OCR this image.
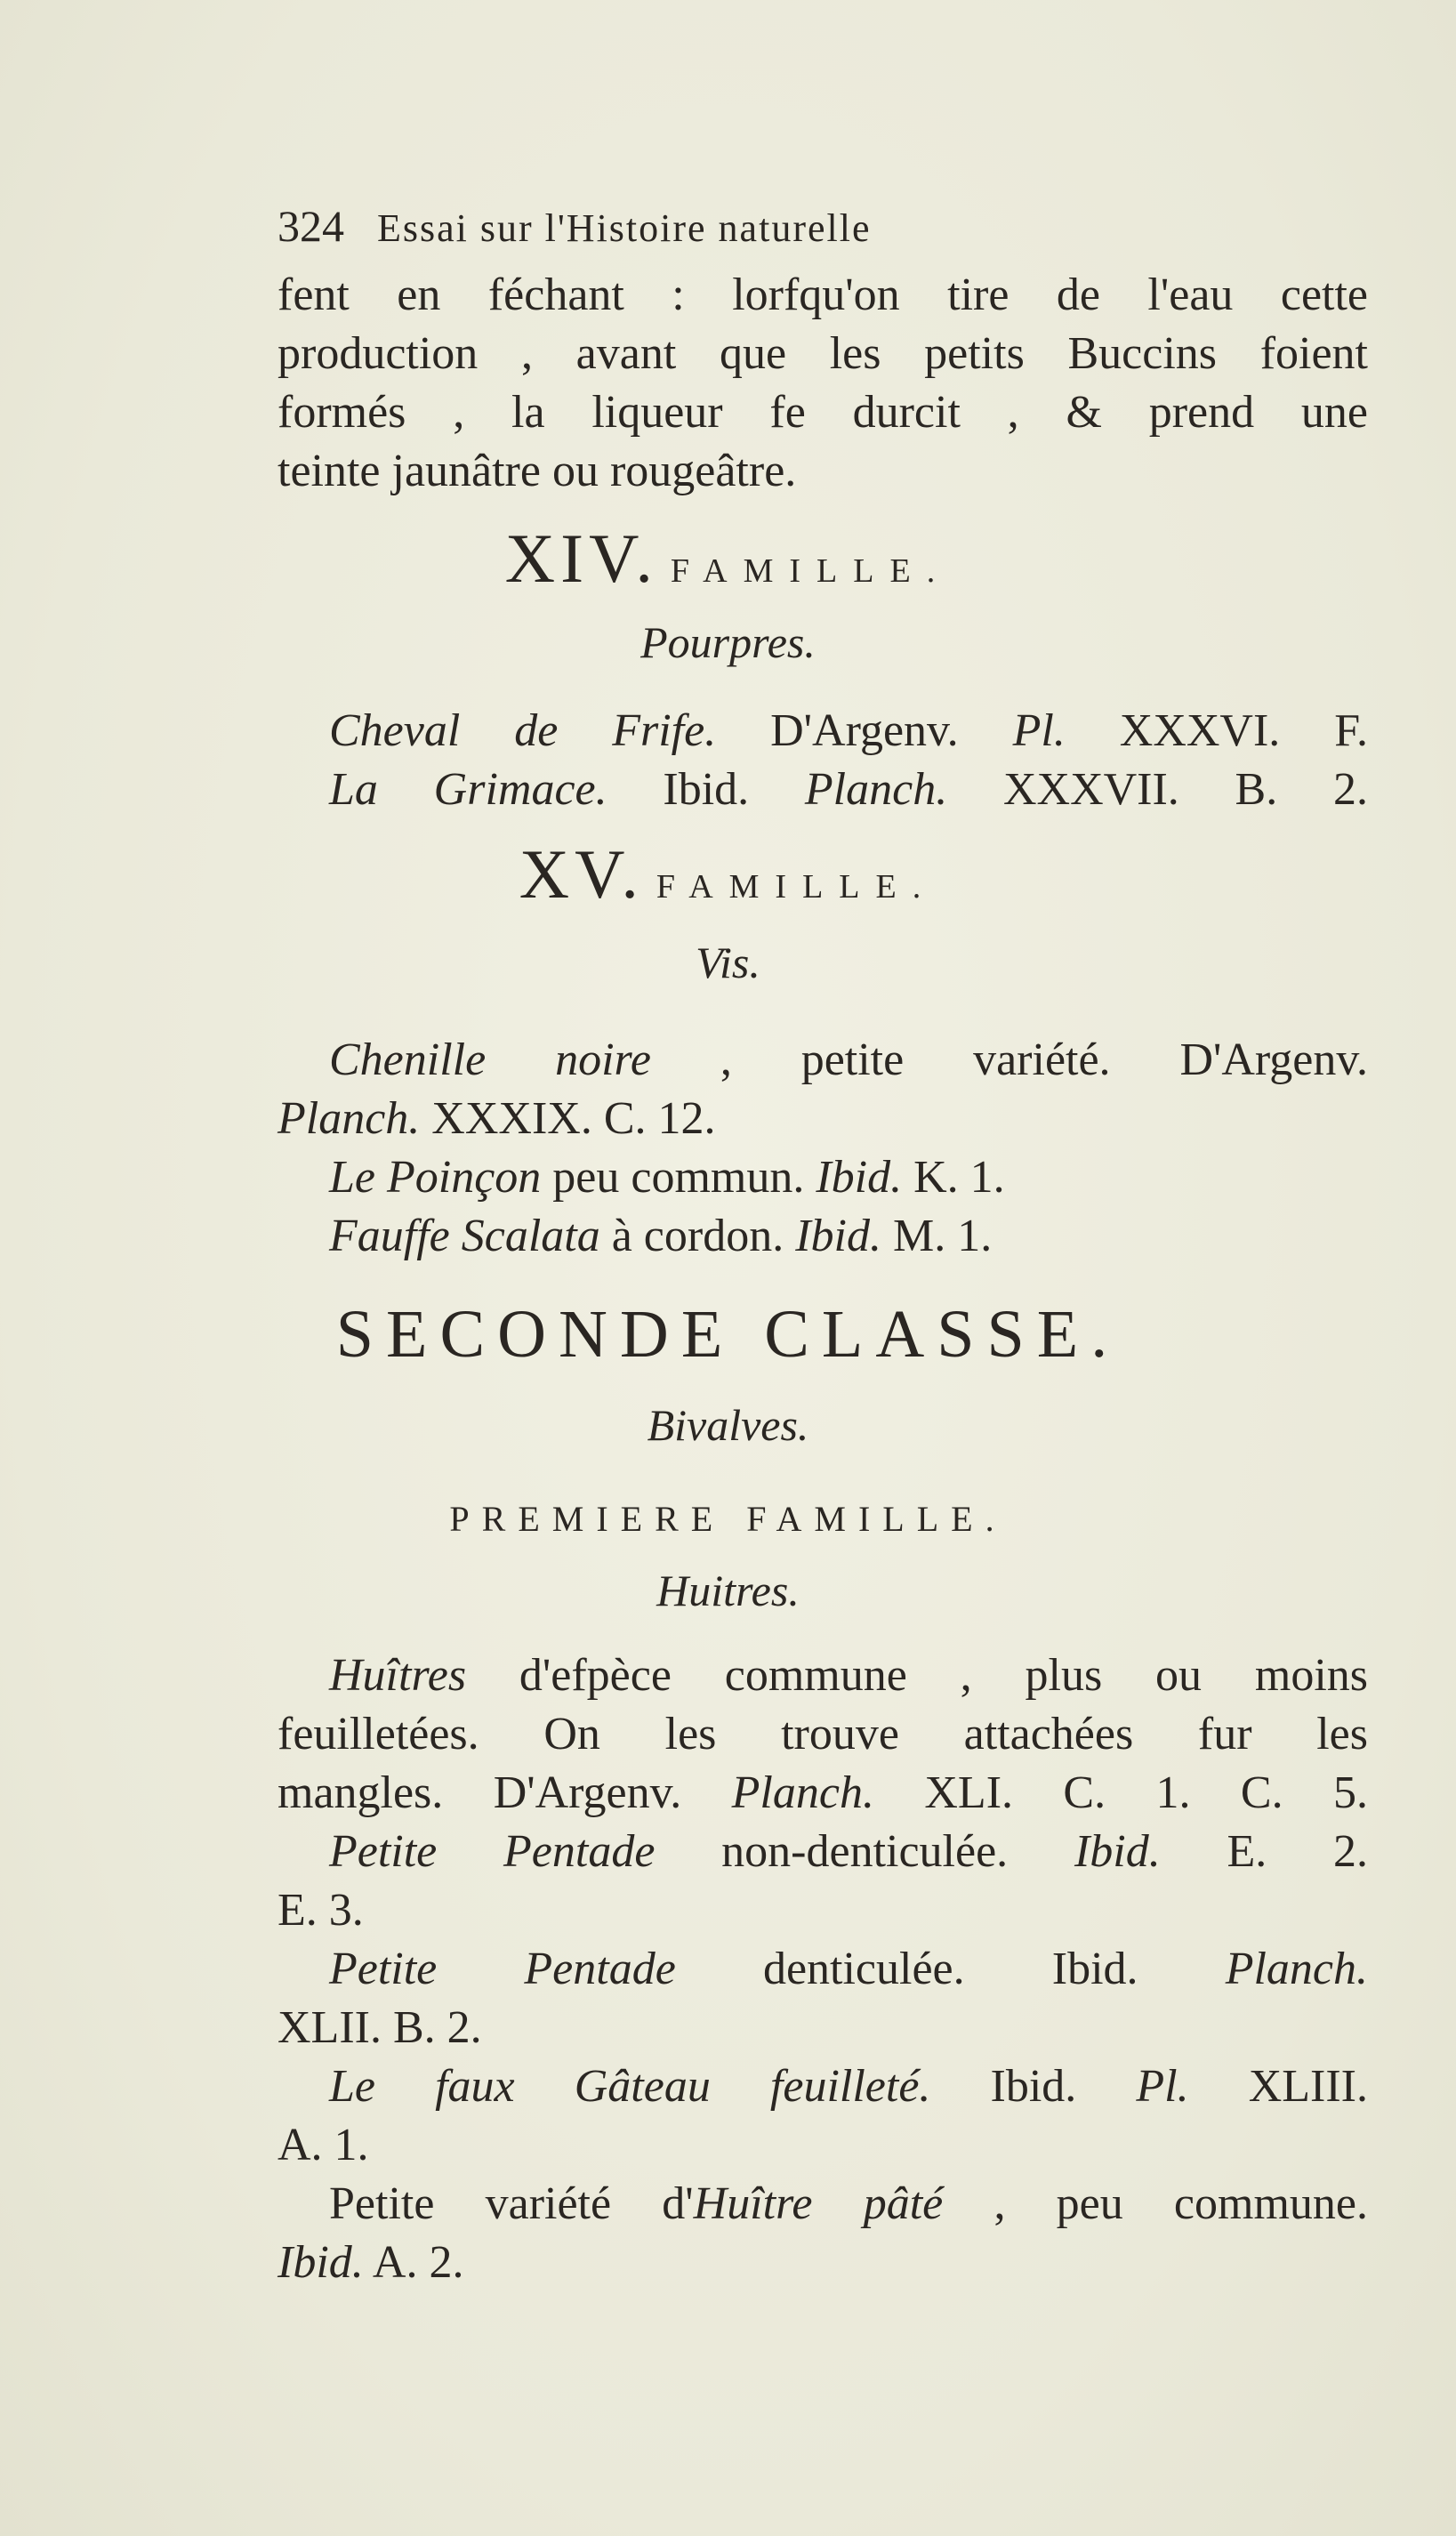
324 Essai sur l'Histoire naturelle
fent en féchant : lorfqu'on tire de l'eau cette
production , avant que les petits Buccins foient
formés , la liqueur fe durcit , & prend une
teinte jaunâtre ou rougeâtre.
XIV. FAMILLE.
Pourpres.
Cheval de Frife. D'Argenv. Pl. XXXVI. F.
La Grimace. Ibid. Planch. XXXVII. B. 2.
XV. FAMILLE.
Vis.
Chenille noire , petite variété. D'Argenv.
Planch. XXXIX. C. 12.
Le Poinçon peu commun. Ibid. K. 1.
Fauffe Scalata à cordon. Ibid. M. 1.
SECONDE CLASSE.
Bivalves.
PREMIERE FAMILLE.
Huitres.
Huîtres d'efpèce commune , plus ou moins
feuilletées. On les trouve attachées fur les
mangles. D'Argenv. Planch. XLI. C. 1. C. 5.
Petite Pentade non-denticulée. Ibid. E. 2.
E. 3.
Petite Pentade denticulée. Ibid. Planch.
XLII. B. 2.
Le faux Gâteau feuilleté. Ibid. Pl. XLIII.
A. 1.
Petite variété d'Huître pâté , peu commune.
Ibid. A. 2.
